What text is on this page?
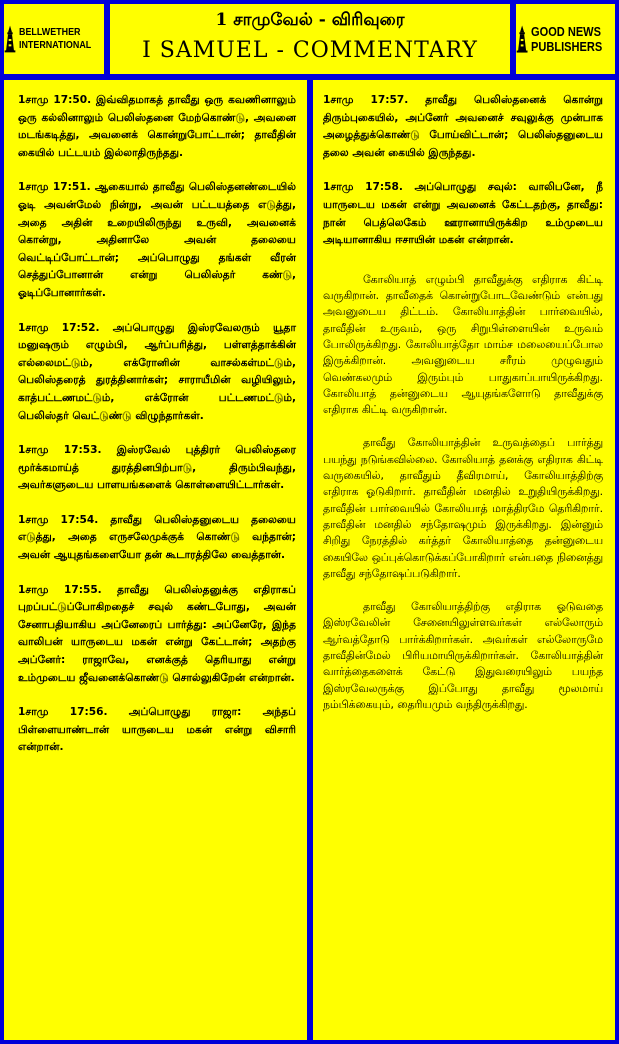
BELLWETHER
INTERNATIONAL
1 சாமுவேல் - விரிவுரை
I SAMUEL - COMMENTARY
GOOD NEWS
PUBLISHERS

1சாமு 17:50. இவ்விதமாகத் தாவீது ஒரு கவணினாலும் ஒரு கல்லினாலும் பெலிஸ்தனை மேற்கொண்டு, அவனை மடங்கடித்து, அவனைக் கொன்றுபோட்டான்; தாவீதின் கையில் பட்டயம் இல்லாதிருந்தது.

1சாமு 17:51. ஆகையால் தாவீது பெலிஸ்தனண்டையில் ஓடி அவன்மேல் நின்று, அவன் பட்டயத்தை எடுத்து, அதை அதின் உறையிலிருந்து உருவி, அவனைக் கொன்று, அதினாலே அவன் தலையை வெட்டிப்போட்டான்; அப்பொழுது தங்கள் வீரன் செத்துப்போனான் என்று பெலிஸ்தர் கண்டு, ஓடிப்போனார்கள்.

1சாமு 17:52. அப்பொழுது இஸ்ரவேலரும் யூதா மனுஷரும் எழும்பி, ஆர்ப்பரித்து, பள்ளத்தாக்கின் எல்லைமட்டும், எக்ரோனின் வாசல்கள்மட்டும், பெலிஸ்தரைத் துரத்தினார்கள்; சாராயீமின் வழியிலும், காத்பட்டணமட்டும், எக்ரோன் பட்டணமட்டும், பெலிஸ்தர் வெட்டுண்டு விழுந்தார்கள்.

1சாமு 17:53. இஸ்ரவேல் புத்திரர் பெலிஸ்தரை மூர்க்கமாய்த் துரத்தினபிற்பாடு, திரும்பிவந்து, அவர்களுடைய பாளயங்களைக் கொள்ளையிட்டார்கள்.

1சாமு 17:54. தாவீது பெலிஸ்தனுடைய தலையை எடுத்து, அதை எருசலேமுக்குக் கொண்டு வந்தான்; அவன் ஆயுதங்களையோ தன் கூடாரத்திலே வைத்தான்.

1சாமு 17:55. தாவீது பெலிஸ்தனுக்கு எதிராகப் புறப்பட்டுப்போகிறதைச் சவுல் கண்டபோது, அவன் சேனாபதியாகிய அப்னேரைப் பார்த்து: அப்னேரே, இந்த வாலிபன் யாருடைய மகன் என்று கேட்டான்; அதற்கு அப்னேர்: ராஜாவே, எனக்குத் தெரியாது என்று உம்முடைய ஜீவனைக்கொண்டு சொல்லுகிறேன் என்றான்.

1சாமு 17:56. அப்பொழுது ராஜா: அந்தப் பிள்ளையாண்டான் யாருடைய மகன் என்று விசாரி என்றான்.

1சாமு 17:57. தாவீது பெலிஸ்தனைக் கொன்று திரும்புகையில், அப்னேர் அவனைச் சவுலுக்கு முன்பாக அழைத்துக்கொண்டு போய்விட்டான்; பெலிஸ்தனுடைய தலை அவன் கையில் இருந்தது.

1சாமு 17:58. அப்பொழுது சவுல்: வாலிபனே, நீ யாருடைய மகன் என்று அவனைக் கேட்டதற்கு, தாவீது: நான் பெத்லெகேம் ஊரானாயிருக்கிற உம்முடைய அடியானாகிய ஈசாயின் மகன் என்றான்.

கோலியாத் எழும்பி தாவீதுக்கு எதிராக கிட்டி வருகிறான். தாவீதைக் கொன்றுபோடவேண்டும் என்பது அவனுடைய திட்டம். கோலியாத்தின் பார்வையில், தாவீதின் உருவம், ஒரு சிறுபிள்ளையின் உருவம் போலிருக்கிறது. கோலியாத்தோ மாம்ச மலையைப்போல இருக்கிறான். அவனுடைய சரீரம் முழுவதும் வெண்கலமும் இரும்பும் பாதுகாப்பாயிருக்கிறது. கோலியாத் தன்னுடைய ஆயுதங்களோடு தாவீதுக்கு எதிராக கிட்டி வருகிறான்.

தாவீது கோலியாத்தின் உருவத்தைப் பார்த்து பயந்து நடுங்கவில்லை. கோலியாத் தனக்கு எதிராக கிட்டி வருகையில், தாவீதும் தீவிரமாய், கோலியாத்திற்கு எதிராக ஓடுகிறார். தாவீதின் மனதில் உறுதியிருக்கிறது. தாவீதின் பார்வையில் கோலியாத் மாத்திரமே தெரிகிறார். தாவீதின் மனதில் சந்தோஷமும் இருக்கிறது. இன்னும் சிறிது நேரத்தில் கர்த்தர் கோலியாத்தை தன்னுடைய கையிலே ஒப்புக்கொடுக்கப்போகிறார் என்பதை நினைத்து தாவீது சந்தோஷப்படுகிறார்.

தாவீது கோலியாத்திற்கு எதிராக ஓடுவதை இஸ்ரவேலின் சேனையிலுள்ளவர்கள் எல்லோரும் ஆர்வத்தோடு பார்க்கிறார்கள். அவர்கள் எல்லோருமே தாவீதின்மேல் பிரியமாயிருக்கிறார்கள். கோலியாத்தின் வார்த்தைகளைக் கேட்டு இதுவரையிலும் பயந்த இஸ்ரவேலருக்கு இப்போது தாவீது மூலமாய் நம்பிக்கையும், தைரியமும் வந்திருக்கிறது.
